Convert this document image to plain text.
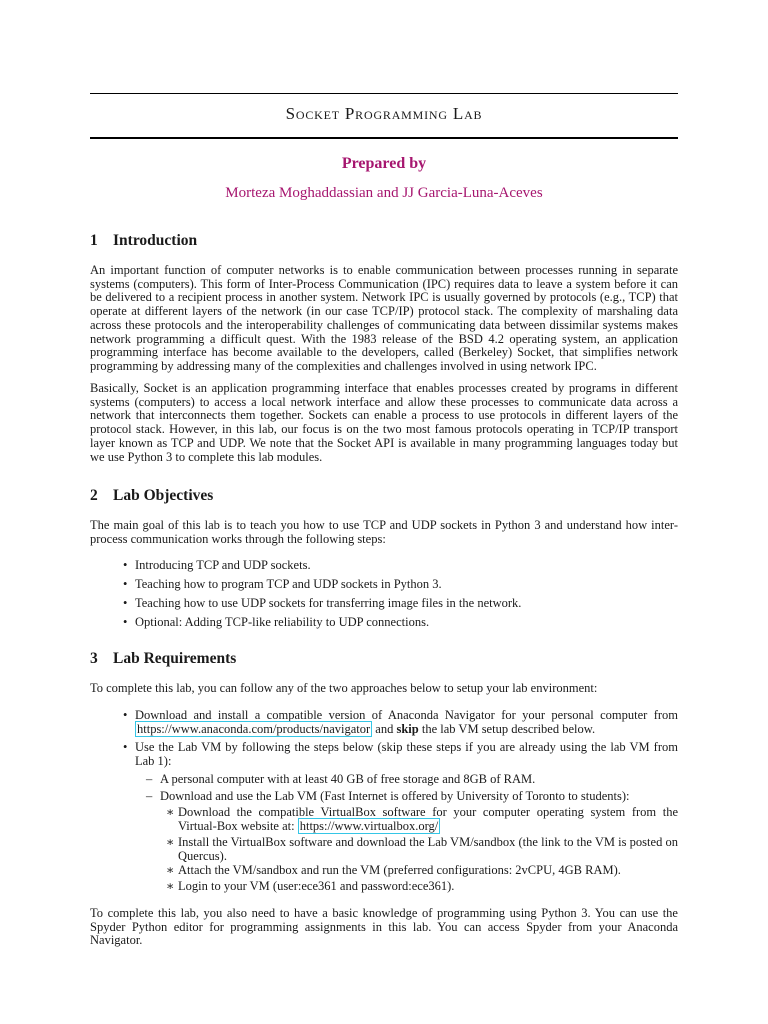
Socket Programming Lab
Prepared by
Morteza Moghaddassian and JJ Garcia-Luna-Aceves
1 Introduction

An important function of computer networks is to enable communication between processes running in separate systems (computers). This form of Inter-Process Communication (IPC) requires data to leave a system before it can be delivered to a recipient process in another system. Network IPC is usually governed by protocols (e.g., TCP) that operate at different layers of the network (in our case TCP/IP) protocol stack. The complexity of marshaling data across these protocols and the interoperability challenges of communicating data between dissimilar systems makes network programming a difficult quest. With the 1983 release of the BSD 4.2 operating system, an application programming interface has become available to the developers, called (Berkeley) Socket, that simplifies network programming by addressing many of the complexities and challenges involved in using network IPC.

Basically, Socket is an application programming interface that enables processes created by programs in different systems (computers) to access a local network interface and allow these processes to communicate data across a network that interconnects them together. Sockets can enable a process to use protocols in different layers of the protocol stack. However, in this lab, our focus is on the two most famous protocols operating in TCP/IP transport layer known as TCP and UDP. We note that the Socket API is available in many programming languages today but we use Python 3 to complete this lab modules.

2 Lab Objectives

The main goal of this lab is to teach you how to use TCP and UDP sockets in Python 3 and understand how inter-process communication works through the following steps:

• Introducing TCP and UDP sockets.
• Teaching how to program TCP and UDP sockets in Python 3.
• Teaching how to use UDP sockets for transferring image files in the network.
• Optional: Adding TCP-like reliability to UDP connections.
3 Lab Requirements

To complete this lab, you can follow any of the two approaches below to setup your lab environment:

• Download and install a compatible version of Anaconda Navigator for your personal computer from https://www.anaconda.com/products/navigator and skip the lab VM setup described below.
• Use the Lab VM by following the steps below (skip these steps if you are already using the lab VM from Lab 1):
– A personal computer with at least 40 GB of free storage and 8GB of RAM.
– Download and use the Lab VM (Fast Internet is offered by University of Toronto to students):
∗ Download the compatible VirtualBox software for your computer operating system from the Virtual-Box website at: https://www.virtualbox.org/
∗ Install the VirtualBox software and download the Lab VM/sandbox (the link to the VM is posted on Quercus).
∗ Attach the VM/sandbox and run the VM (preferred configurations: 2vCPU, 4GB RAM).
∗ Login to your VM (user:ece361 and password:ece361).

To complete this lab, you also need to have a basic knowledge of programming using Python 3. You can use the Spyder Python editor for programming assignments in this lab. You can access Spyder from your Anaconda Navigator.
